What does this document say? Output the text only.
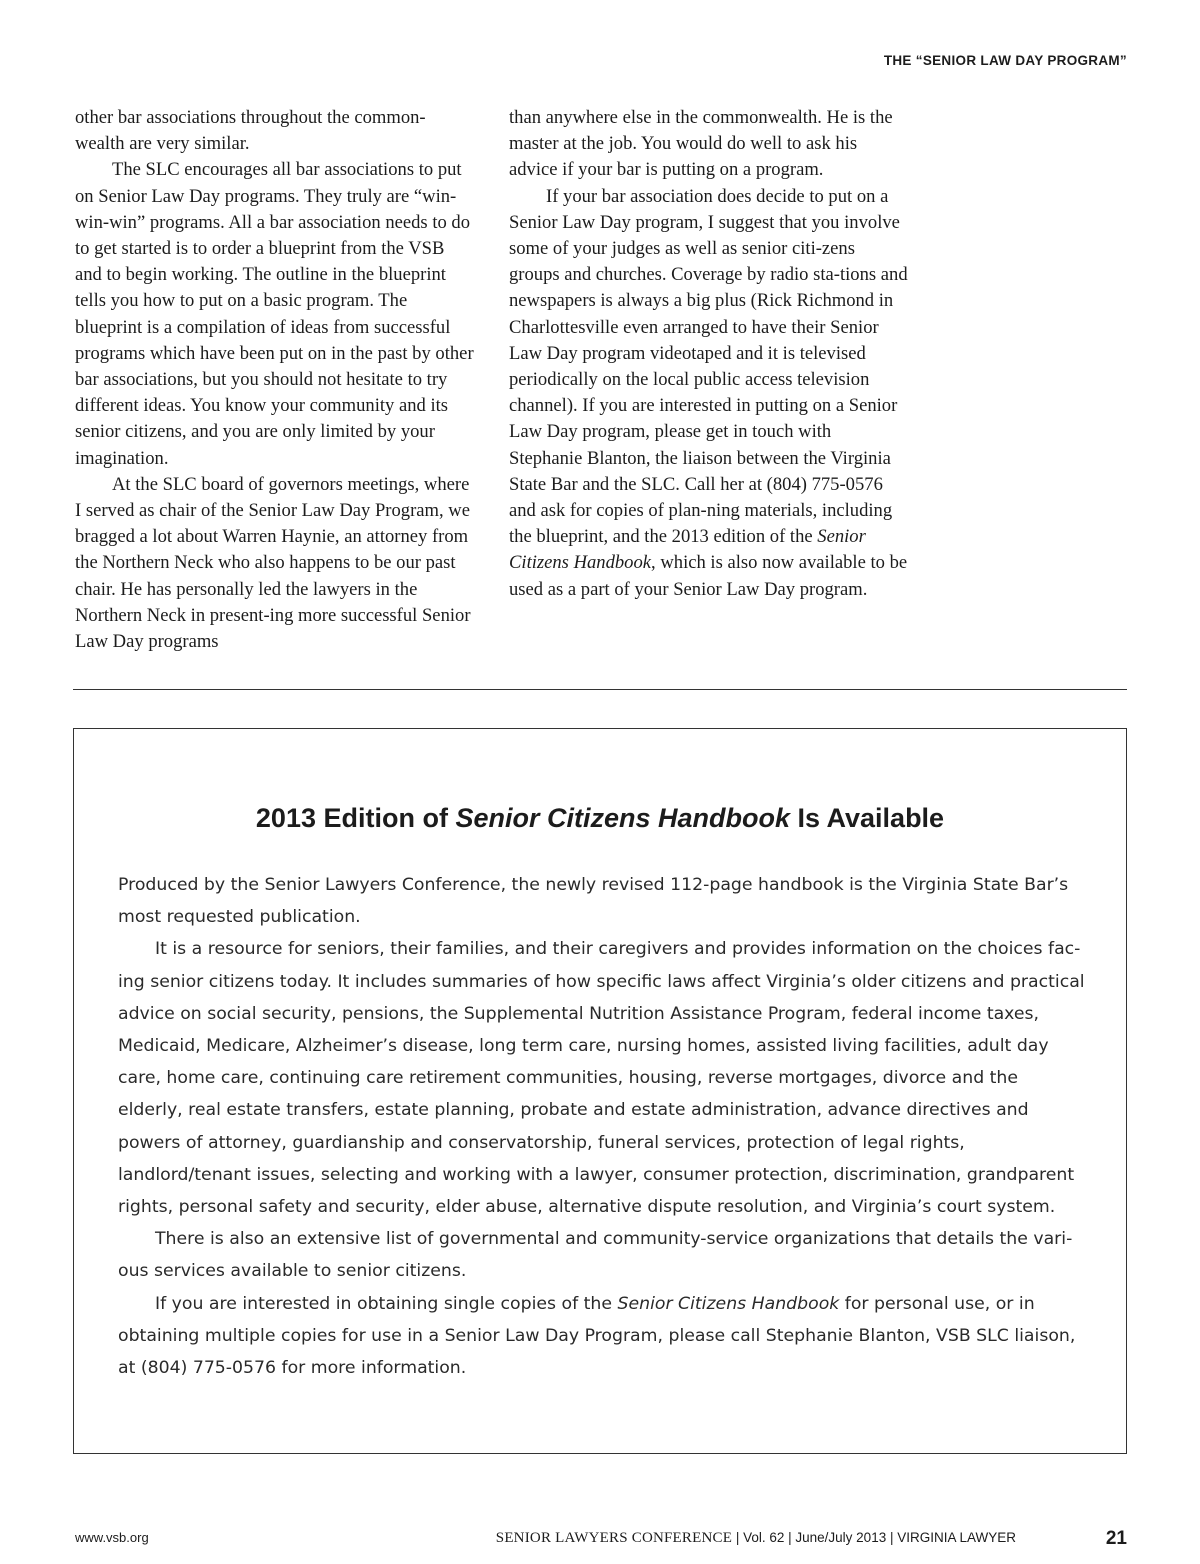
THE “SENIOR LAW DAY PROGRAM”

other bar associations throughout the common-wealth are very similar.

The SLC encourages all bar associations to put on Senior Law Day programs. They truly are “win-win-win” programs. All a bar association needs to do to get started is to order a blueprint from the VSB and to begin working. The outline in the blueprint tells you how to put on a basic program. The blueprint is a compilation of ideas from successful programs which have been put on in the past by other bar associations, but you should not hesitate to try different ideas. You know your community and its senior citizens, and you are only limited by your imagination.

At the SLC board of governors meetings, where I served as chair of the Senior Law Day Program, we bragged a lot about Warren Haynie, an attorney from the Northern Neck who also happens to be our past chair. He has personally led the lawyers in the Northern Neck in present-ing more successful Senior Law Day programs

than anywhere else in the commonwealth. He is the master at the job. You would do well to ask his advice if your bar is putting on a program.

If your bar association does decide to put on a Senior Law Day program, I suggest that you involve some of your judges as well as senior citi-zens groups and churches. Coverage by radio sta-tions and newspapers is always a big plus (Rick Richmond in Charlottesville even arranged to have their Senior Law Day program videotaped and it is televised periodically on the local public access television channel). If you are interested in putting on a Senior Law Day program, please get in touch with Stephanie Blanton, the liaison between the Virginia State Bar and the SLC. Call her at (804) 775-0576 and ask for copies of plan-ning materials, including the blueprint, and the 2013 edition of the Senior Citizens Handbook, which is also now available to be used as a part of your Senior Law Day program.

2013 Edition of Senior Citizens Handbook Is Available

Produced by the Senior Lawyers Conference, the newly revised 112-page handbook is the Virginia State Bar’s most requested publication.

It is a resource for seniors, their families, and their caregivers and provides information on the choices fac-ing senior citizens today. It includes summaries of how specific laws affect Virginia’s older citizens and practical advice on social security, pensions, the Supplemental Nutrition Assistance Program, federal income taxes, Medicaid, Medicare, Alzheimer’s disease, long term care, nursing homes, assisted living facilities, adult day care, home care, continuing care retirement communities, housing, reverse mortgages, divorce and the elderly, real estate transfers, estate planning, probate and estate administration, advance directives and powers of attorney, guardianship and conservatorship, funeral services, protection of legal rights, landlord/tenant issues, selecting and working with a lawyer, consumer protection, discrimination, grandparent rights, personal safety and security, elder abuse, alternative dispute resolution, and Virginia’s court system.

There is also an extensive list of governmental and community-service organizations that details the vari-ous services available to senior citizens.

If you are interested in obtaining single copies of the Senior Citizens Handbook for personal use, or in obtaining multiple copies for use in a Senior Law Day Program, please call Stephanie Blanton, VSB SLC liaison, at (804) 775-0576 for more information.

www.vsb.org	SENIOR LAWYERS CONFERENCE | Vol. 62 | June/July 2013 | VIRGINIA LAWYER	21
